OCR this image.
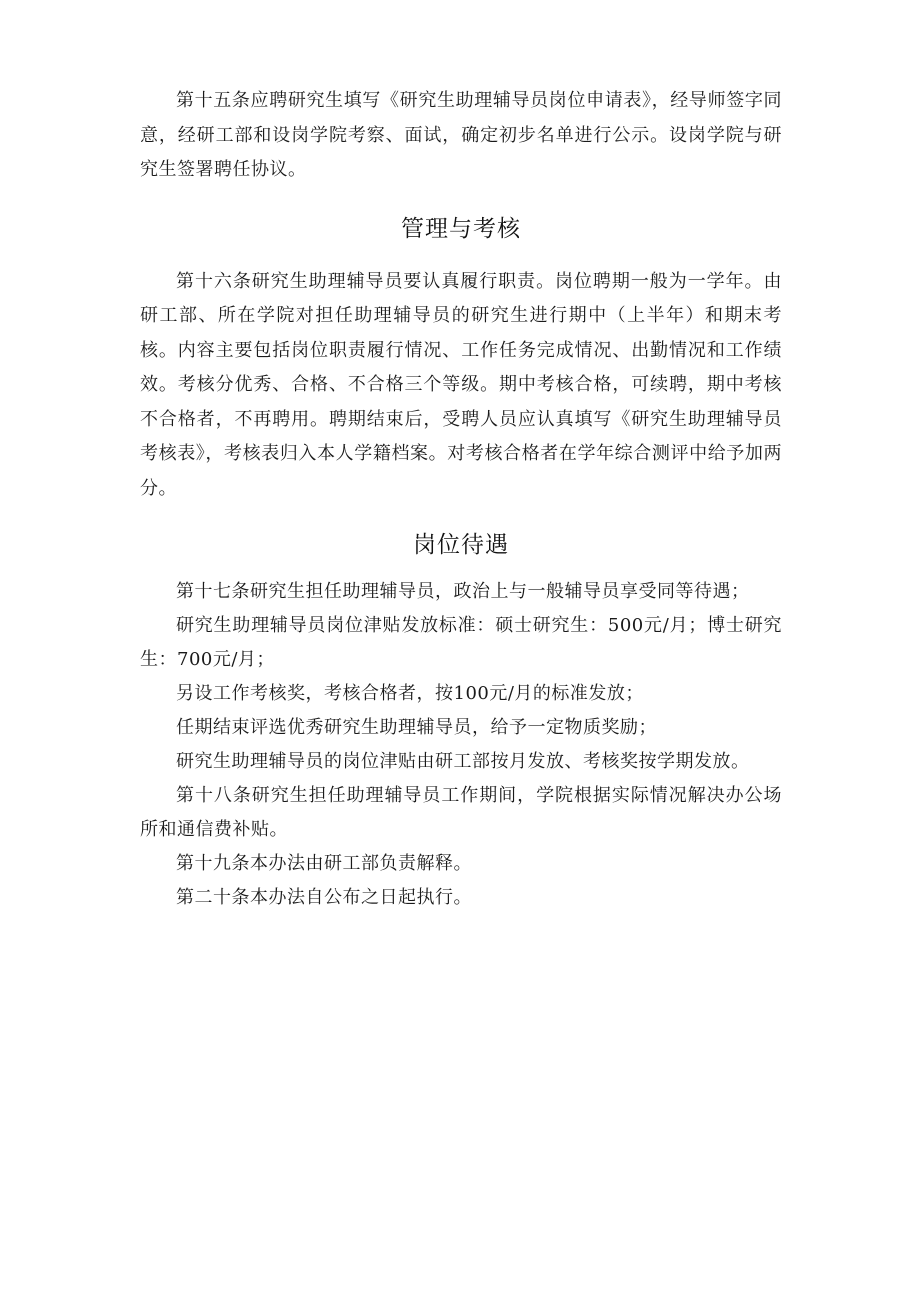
第十五条应聘研究生填写《研究生助理辅导员岗位申请表》，经导师签字同意，经研工部和设岗学院考察、面试，确定初步名单进行公示。设岗学院与研究生签署聘任协议。

管理与考核

第十六条研究生助理辅导员要认真履行职责。岗位聘期一般为一学年。由研工部、所在学院对担任助理辅导员的研究生进行期中（上半年）和期末考核。内容主要包括岗位职责履行情况、工作任务完成情况、出勤情况和工作绩效。考核分优秀、合格、不合格三个等级。期中考核合格，可续聘，期中考核不合格者，不再聘用。聘期结束后，受聘人员应认真填写《研究生助理辅导员考核表》，考核表归入本人学籍档案。对考核合格者在学年综合测评中给予加两分。

岗位待遇

第十七条研究生担任助理辅导员，政治上与一般辅导员享受同等待遇；

研究生助理辅导员岗位津贴发放标准：硕士研究生：500元/月；博士研究生：700元/月；

另设工作考核奖，考核合格者，按100元/月的标准发放；

任期结束评选优秀研究生助理辅导员，给予一定物质奖励；

研究生助理辅导员的岗位津贴由研工部按月发放、考核奖按学期发放。

第十八条研究生担任助理辅导员工作期间，学院根据实际情况解决办公场所和通信费补贴。

第十九条本办法由研工部负责解释。

第二十条本办法自公布之日起执行。
